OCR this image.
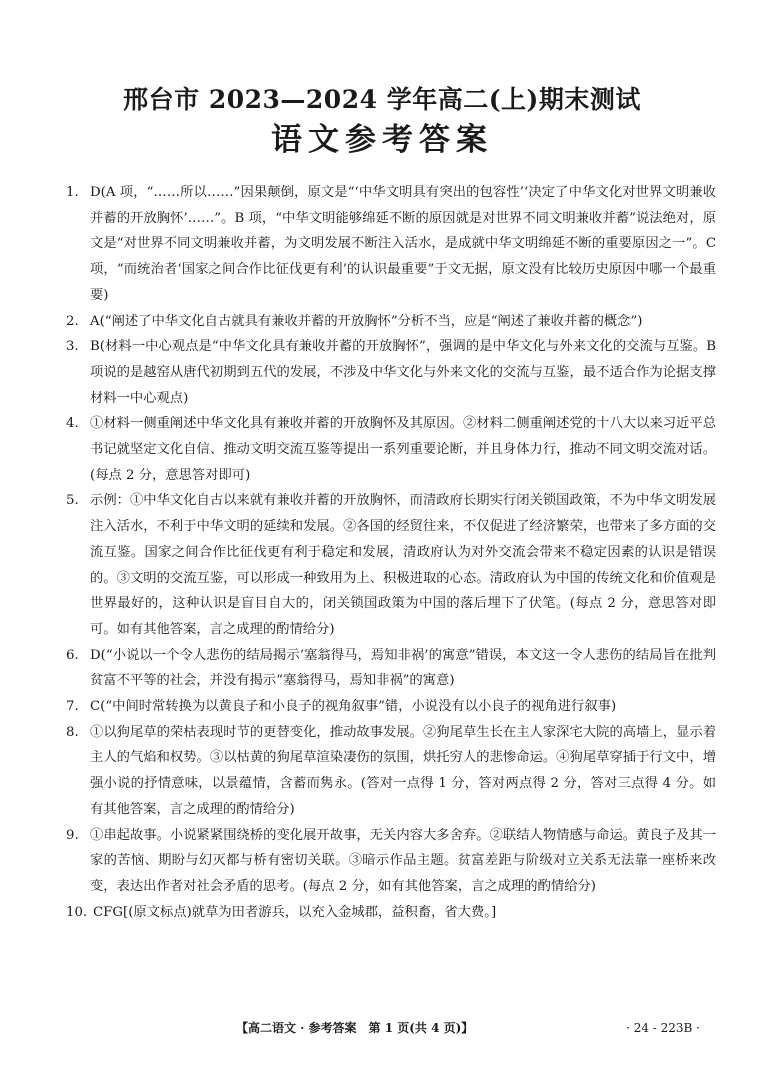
邢台市 2023—2024 学年高二(上)期末测试
语文参考答案
1. D(A 项，“……所以……”因果颠倒，原文是“‘中华文明具有突出的包容性’‘决定了中华文化对世界文明兼收并蓄的开放胸怀’……”。B 项，“中华文明能够绵延不断的原因就是对世界不同文明兼收并蓄”说法绝对，原文是“对世界不同文明兼收并蓄，为文明发展不断注入活水，是成就中华文明绵延不断的重要原因之一”。C 项，“而统治者‘国家之间合作比征伐更有利’的认识最重要”于文无据，原文没有比较历史原因中哪一个最重要)
2. A(“阐述了中华文化自古就具有兼收并蓄的开放胸怀”分析不当，应是“阐述了兼收并蓄的概念”)
3. B(材料一中心观点是“中华文化具有兼收并蓄的开放胸怀”，强调的是中华文化与外来文化的交流与互鉴。B 项说的是越窑从唐代初期到五代的发展，不涉及中华文化与外来文化的交流与互鉴，最不适合作为论据支撑材料一中心观点)
4. ①材料一侧重阐述中华文化具有兼收并蓄的开放胸怀及其原因。②材料二侧重阐述党的十八大以来习近平总书记就坚定文化自信、推动文明交流互鉴等提出一系列重要论断，并且身体力行，推动不同文明交流对话。(每点 2 分，意思答对即可)
5. 示例：①中华文化自古以来就有兼收并蓄的开放胸怀，而清政府长期实行闭关锁国政策，不为中华文明发展注入活水，不利于中华文明的延续和发展。②各国的经贸往来，不仅促进了经济繁荣，也带来了多方面的交流互鉴。国家之间合作比征伐更有利于稳定和发展，清政府认为对外交流会带来不稳定因素的认识是错误的。③文明的交流互鉴，可以形成一种致用为上、积极进取的心态。清政府认为中国的传统文化和价值观是世界最好的，这种认识是盲目自大的，闭关锁国政策为中国的落后埋下了伏笔。(每点 2 分，意思答对即可。如有其他答案，言之成理的酌情给分)
6. D(“小说以一个令人悲伤的结局揭示‘塞翁得马，焉知非祸’的寓意”错误，本文这一令人悲伤的结局旨在批判贫富不平等的社会，并没有揭示“塞翁得马，焉知非祸”的寓意)
7. C(“中间时常转换为以黄良子和小良子的视角叙事”错，小说没有以小良子的视角进行叙事)
8. ①以狗尾草的荣枯表现时节的更替变化，推动故事发展。②狗尾草生长在主人家深宅大院的高墙上，显示着主人的气焰和权势。③以枯黄的狗尾草渲染凄伤的氛围，烘托穷人的悲惨命运。④狗尾草穿插于行文中，增强小说的抒情意味，以景蕴情，含蓄而隽永。(答对一点得 1 分，答对两点得 2 分，答对三点得 4 分。如有其他答案，言之成理的酌情给分)
9. ①串起故事。小说紧紧围绕桥的变化展开故事，无关内容大多舍弃。②联结人物情感与命运。黄良子及其一家的苦恼、期盼与幻灭都与桥有密切关联。③暗示作品主题。贫富差距与阶级对立关系无法靠一座桥来改变，表达出作者对社会矛盾的思考。(每点 2 分，如有其他答案，言之成理的酌情给分)
10. CFG[(原文标点)就草为田者游兵，以充入金城郡，益积畜，省大费。]
【高二语文 · 参考答案　第 1 页(共 4 页)】	· 24 - 223B ·
